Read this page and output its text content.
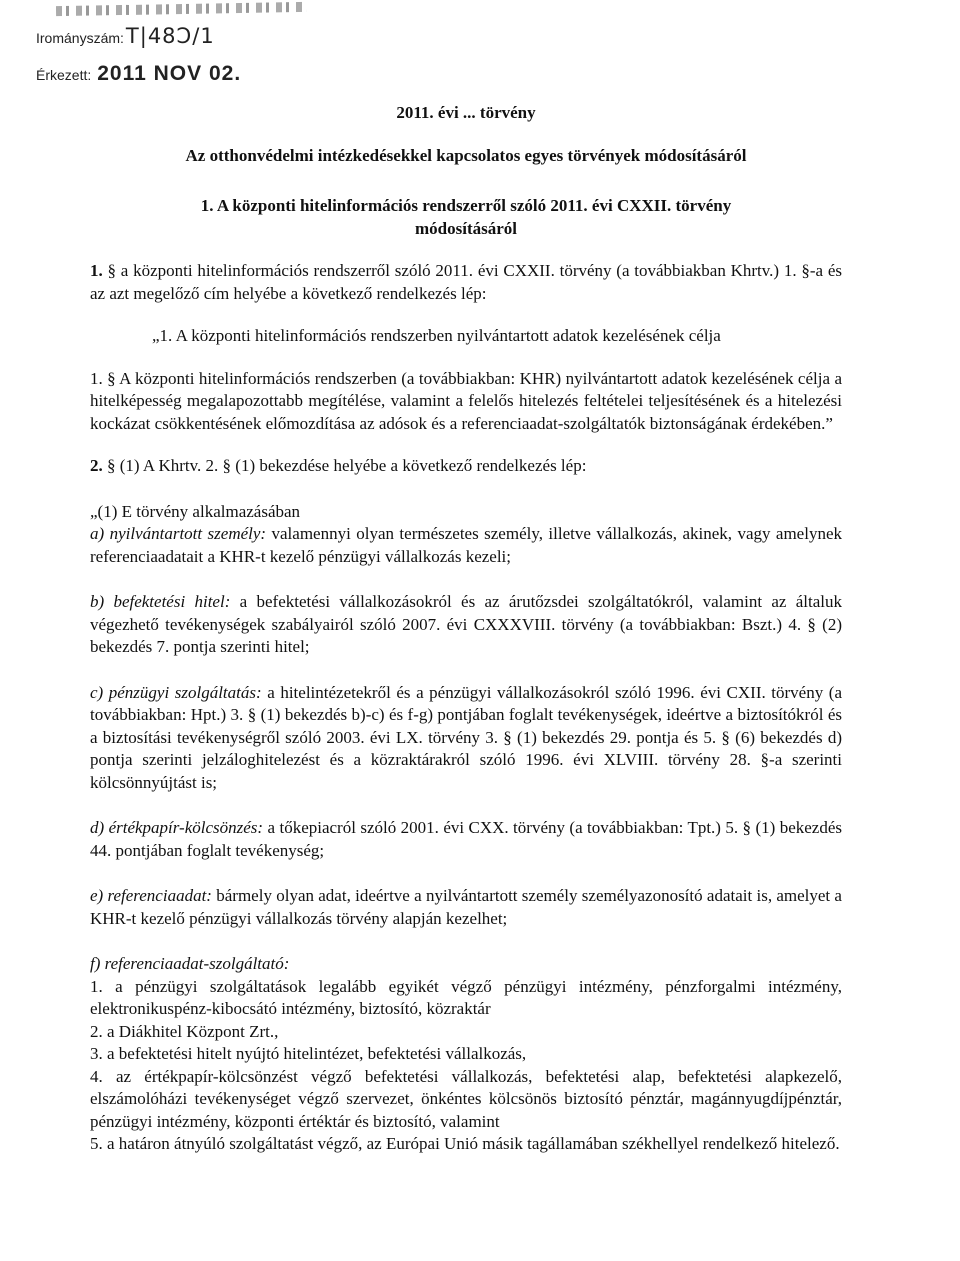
Irományszám: T|48Ↄ/1
Érkezett: 2011 NOV 02.

2011. évi ... törvény

Az otthonvédelmi intézkedésekkel kapcsolatos egyes törvények módosításáról

1. A központi hitelinformációs rendszerről szóló 2011. évi CXXII. törvény

módosításáról

1. § a központi hitelinformációs rendszerről szóló 2011. évi CXXII. törvény (a továbbiakban Khrtv.) 1. §-a és az azt megelőző cím helyébe a következő rendelkezés lép:

„1. A központi hitelinformációs rendszerben nyilvántartott adatok kezelésének célja

1. § A központi hitelinformációs rendszerben (a továbbiakban: KHR) nyilvántartott adatok kezelésének célja a hitelképesség megalapozottabb megítélése, valamint a felelős hitelezés feltételei teljesítésének és a hitelezési kockázat csökkentésének előmozdítása az adósok és a referenciaadat-szolgáltatók biztonságának érdekében.”

2. § (1) A Khrtv. 2. § (1) bekezdése helyébe a következő rendelkezés lép:

„(1) E törvény alkalmazásában

a) nyilvántartott személy: valamennyi olyan természetes személy, illetve vállalkozás, akinek, vagy amelynek referenciaadatait a KHR-t kezelő pénzügyi vállalkozás kezeli;

b) befektetési hitel: a befektetési vállalkozásokról és az árutőzsdei szolgáltatókról, valamint az általuk végezhető tevékenységek szabályairól szóló 2007. évi CXXXVIII. törvény (a továbbiakban: Bszt.) 4. § (2) bekezdés 7. pontja szerinti hitel;

c) pénzügyi szolgáltatás: a hitelintézetekről és a pénzügyi vállalkozásokról szóló 1996. évi CXII. törvény (a továbbiakban: Hpt.) 3. § (1) bekezdés b)-c) és f-g) pontjában foglalt tevékenységek, ideértve a biztosítókról és a biztosítási tevékenységről szóló 2003. évi LX. törvény 3. § (1) bekezdés 29. pontja és 5. § (6) bekezdés d) pontja szerinti jelzáloghitelezést és a közraktárakról szóló 1996. évi XLVIII. törvény 28. §-a szerinti kölcsönnyújtást is;

d) értékpapír-kölcsönzés: a tőkepiacról szóló 2001. évi CXX. törvény (a továbbiakban: Tpt.) 5. § (1) bekezdés 44. pontjában foglalt tevékenység;

e) referenciaadat: bármely olyan adat, ideértve a nyilvántartott személy személyazonosító adatait is, amelyet a KHR-t kezelő pénzügyi vállalkozás törvény alapján kezelhet;

f) referenciaadat-szolgáltató:

1. a pénzügyi szolgáltatások legalább egyikét végző pénzügyi intézmény, pénzforgalmi intézmény, elektronikuspénz-kibocsátó intézmény, biztosító, közraktár

2. a Diákhitel Központ Zrt.,

3. a befektetési hitelt nyújtó hitelintézet, befektetési vállalkozás,

4. az értékpapír-kölcsönzést végző befektetési vállalkozás, befektetési alap, befektetési alapkezelő, elszámolóházi tevékenységet végző szervezet, önkéntes kölcsönös biztosító pénztár, magánnyugdíjpénztár, pénzügyi intézmény, központi értéktár és biztosító, valamint

5. a határon átnyúló szolgáltatást végző, az Európai Unió másik tagállamában székhellyel rendelkező hitelező.
